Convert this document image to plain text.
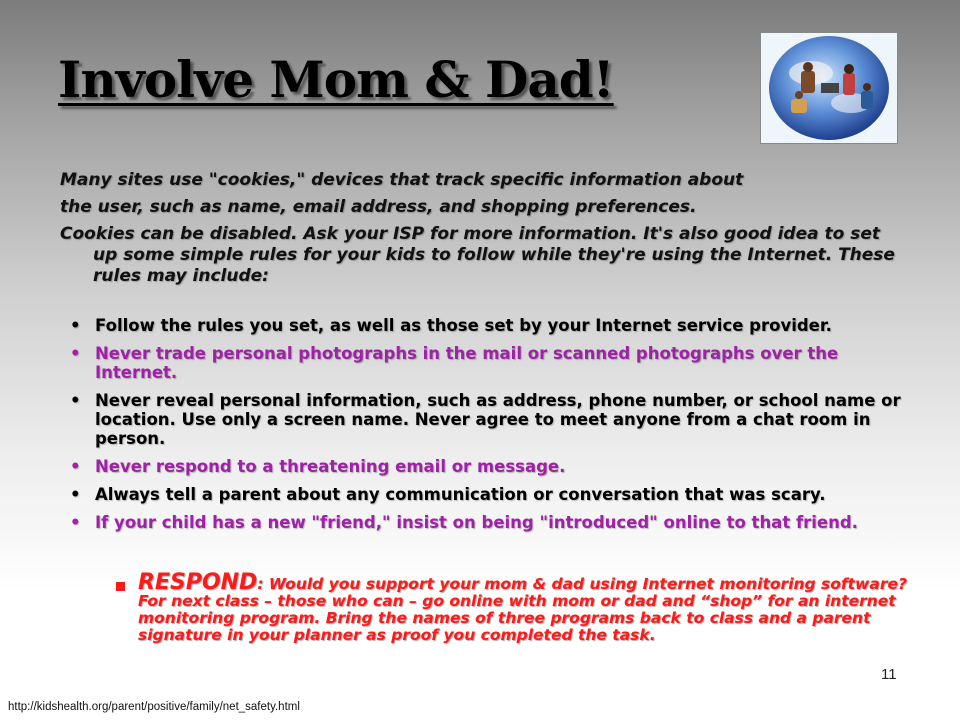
Involve Mom & Dad!

Many sites use "cookies," devices that track specific information about

the user, such as name, email address, and shopping preferences.

Cookies can be disabled. Ask your ISP for more information. It's also good idea to set up some simple rules for your kids to follow while they're using the Internet. These rules may include:

• Follow the rules you set, as well as those set by your Internet service provider.
• Never trade personal photographs in the mail or scanned photographs over the Internet.
• Never reveal personal information, such as address, phone number, or school name or location. Use only a screen name. Never agree to meet anyone from a chat room in person.
• Never respond to a threatening email or message.
• Always tell a parent about any communication or conversation that was scary.
• If your child has a new "friend," insist on being "introduced" online to that friend.
RESPOND: Would you support your mom & dad using Internet monitoring software? For next class – those who can – go online with mom or dad and “shop” for an internet monitoring program. Bring the names of three programs back to class and a parent signature in your planner as proof you completed the task.
11
http://kidshealth.org/parent/positive/family/net_safety.html
